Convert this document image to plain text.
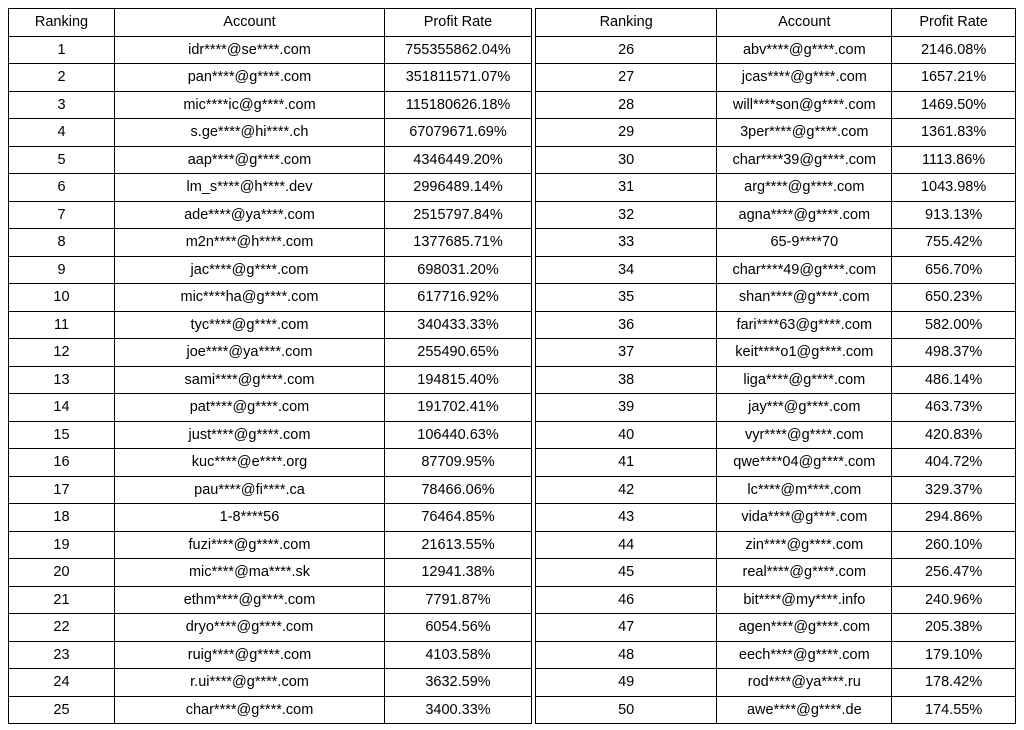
Ranking	Account	Profit Rate
1	idr****@se****.com	755355862.04%
2	pan****@g****.com	351811571.07%
3	mic****ic@g****.com	115180626.18%
4	s.ge****@hi****.ch	67079671.69%
5	aap****@g****.com	4346449.20%
6	lm_s****@h****.dev	2996489.14%
7	ade****@ya****.com	2515797.84%
8	m2n****@h****.com	1377685.71%
9	jac****@g****.com	698031.20%
10	mic****ha@g****.com	617716.92%
11	tyc****@g****.com	340433.33%
12	joe****@ya****.com	255490.65%
13	sami****@g****.com	194815.40%
14	pat****@g****.com	191702.41%
15	just****@g****.com	106440.63%
16	kuc****@e****.org	87709.95%
17	pau****@fi****.ca	78466.06%
18	1-8****56	76464.85%
19	fuzi****@g****.com	21613.55%
20	mic****@ma****.sk	12941.38%
21	ethm****@g****.com	7791.87%
22	dryo****@g****.com	6054.56%
23	ruig****@g****.com	4103.58%
24	r.ui****@g****.com	3632.59%
25	char****@g****.com	3400.33%
Ranking	Account	Profit Rate
26	abv****@g****.com	2146.08%
27	jcas****@g****.com	1657.21%
28	will****son@g****.com	1469.50%
29	3per****@g****.com	1361.83%
30	char****39@g****.com	1113.86%
31	arg****@g****.com	1043.98%
32	agna****@g****.com	913.13%
33	65-9****70	755.42%
34	char****49@g****.com	656.70%
35	shan****@g****.com	650.23%
36	fari****63@g****.com	582.00%
37	keit****o1@g****.com	498.37%
38	liga****@g****.com	486.14%
39	jay***@g****.com	463.73%
40	vyr****@g****.com	420.83%
41	qwe****04@g****.com	404.72%
42	lc****@m****.com	329.37%
43	vida****@g****.com	294.86%
44	zin****@g****.com	260.10%
45	real****@g****.com	256.47%
46	bit****@my****.info	240.96%
47	agen****@g****.com	205.38%
48	eech****@g****.com	179.10%
49	rod****@ya****.ru	178.42%
50	awe****@g****.de	174.55%
